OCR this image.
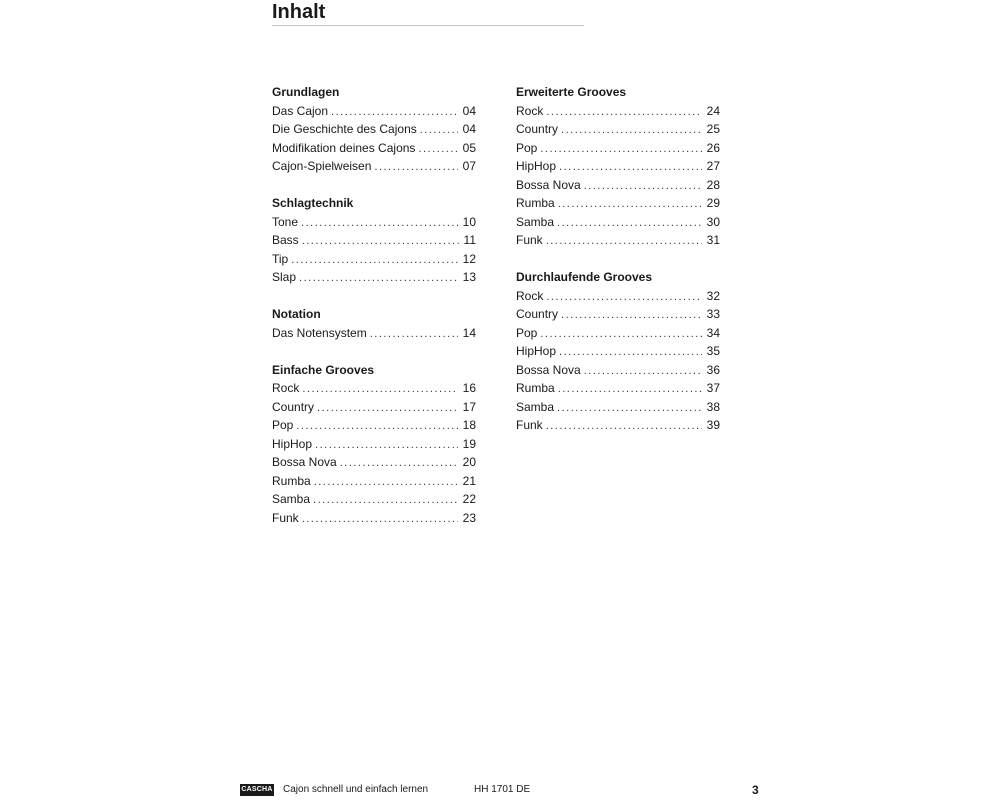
Inhalt
Grundlagen
Das Cajon .....	04
Die Geschichte des Cajons .....	04
Modifikation deines Cajons .....	05
Cajon-Spielweisen .....	07
Schlagtechnik
Tone .....	10
Bass .....	11
Tip .....	12
Slap .....	13
Notation
Das Notensystem .....	14
Einfache Grooves
Rock .....	16
Country .....	17
Pop .....	18
HipHop .....	19
Bossa Nova .....	20
Rumba .....	21
Samba .....	22
Funk .....	23
Erweiterte Grooves
Rock .....	24
Country .....	25
Pop .....	26
HipHop .....	27
Bossa Nova .....	28
Rumba .....	29
Samba .....	30
Funk .....	31
Durchlaufende Grooves
Rock .....	32
Country .....	33
Pop .....	34
HipHop .....	35
Bossa Nova .....	36
Rumba .....	37
Samba .....	38
Funk .....	39
CASCHA Cajon schnell und einfach lernen	HH 1701 DE	3
